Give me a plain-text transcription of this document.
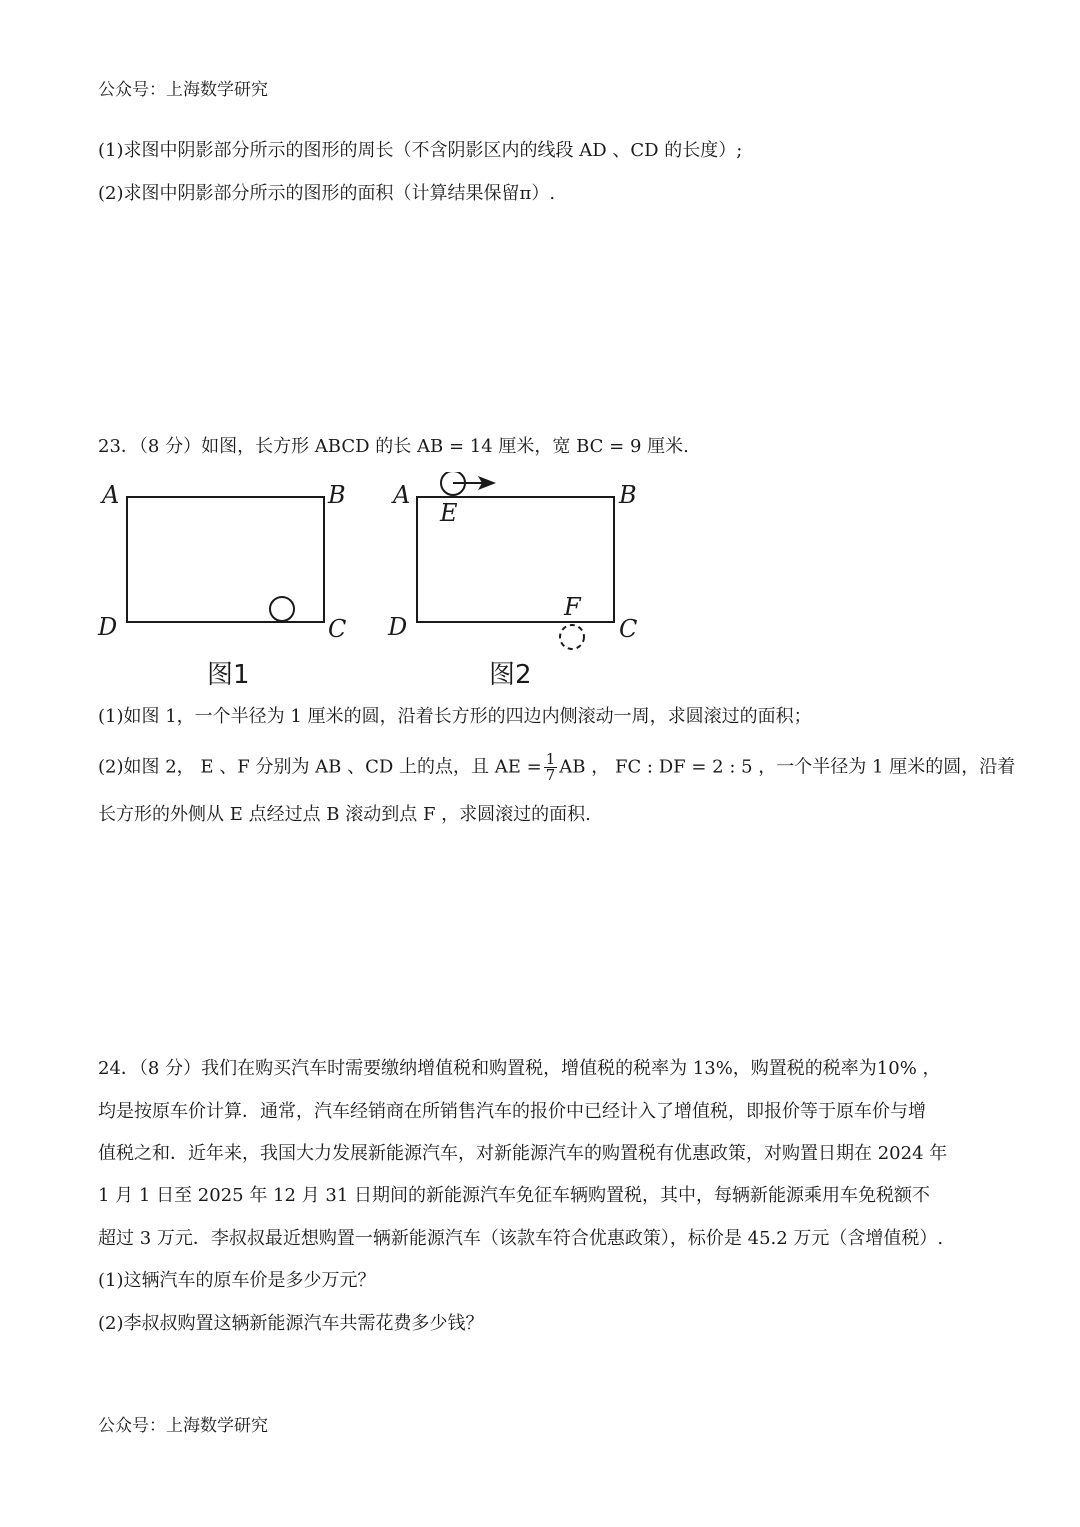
公众号：上海数学研究
(1)求图中阴影部分所示的图形的周长（不含阴影区内的线段 AD 、CD 的长度）;
(2)求图中阴影部分所示的图形的面积（计算结果保留π）.
23．（8 分）如图，长方形 ABCD 的长 AB = 14 厘米，宽 BC = 9 厘米.
A	B
C
D
图1
A	B
C
D
E
F
图2
(1)如图 1，一个半径为 1 厘米的圆，沿着长方形的四边内侧滚动一周，求圆滚过的面积；
(2)如图 2， E 、F 分别为 AB 、CD 上的点，且 AE = $\frac{1}{7}$ AB ， FC : DF = 2 : 5 ，一个半径为 1 厘米的圆，沿着
长方形的外侧从 E 点经过点 B 滚动到点 F ，求圆滚过的面积.
24．（8 分）我们在购买汽车时需要缴纳增值税和购置税，增值税的税率为 13%，购置税的税率为10% ，
均是按原车价计算．通常，汽车经销商在所销售汽车的报价中已经计入了增值税，即报价等于原车价与增
值税之和．近年来，我国大力发展新能源汽车，对新能源汽车的购置税有优惠政策，对购置日期在 2024 年
1 月 1 日至 2025 年 12 月 31 日期间的新能源汽车免征车辆购置税，其中，每辆新能源乘用车免税额不
超过 3 万元．李叔叔最近想购置一辆新能源汽车（该款车符合优惠政策），标价是 45.2 万元（含增值税）.
(1)这辆汽车的原车价是多少万元？
(2)李叔叔购置这辆新能源汽车共需花费多少钱？
公众号：上海数学研究
